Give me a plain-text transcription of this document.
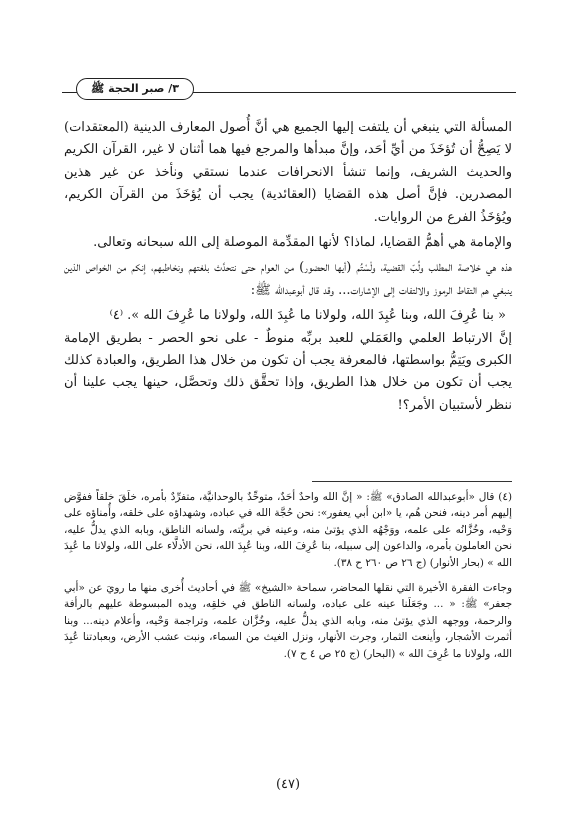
٣/ صبر الحجة ﷺ

المسألة التي ينبغي أن يلتفت إليها الجميع هي أنَّ أُصول المعارف الدينية (المعتقدات) لا يَصِحُّ أن تُؤخَذَ من أيِّ أحَد، وإنَّ مبدأها والمرجع فيها هما أثنان لا غير، القرآن الكريم والحديث الشريف، وإنما تنشأ الانحرافات عندما نستقي ونأخذ عن غير هذين المصدرين. فإنَّ أصل هذه القضايا (العقائدية) يجب أن يُؤخَذَ من القرآن الكريم، ويُؤخَذُ الفرع من الروايات.

والإمامة هي أهمُّ القضايا، لماذا؟ لأنها المقدِّمة الموصلة إلى الله سبحانه وتعالى.

هذه هي خلاصة المطلب ولُبّ القضية، ولْسْتُم (أيها الحضور) من العوام حتى نتحدَّث بلغتهم ونخاطبهم، إنكم من الخواص الذين ينبغي هم التقاط الرموز والالتفات إلى الإشارات... وقد قال أبوعبدالله ﷺ:

« بنا عُرِفَ الله، وبنا عُبِدَ الله، ولولانا ما عُبِدَ الله، ولولانا ما عُرِفَ الله ». ⁽٤⁾

إنَّ الارتباط العلمي والعَمَلي للعبد بربِّه منوطٌ - على نحو الحصر - بطريق الإمامة الكبرى ويَتِمُّ بواسطتها، فالمعرفة يجب أن تكون من خلال هذا الطريق، والعبادة كذلك يجب أن تكون من خلال هذا الطريق، وإذا تحقَّق ذلك وتحصَّل، حينها يجب علينا أن ننظر لأستبيان الأمر؟!

(٤) قال «أبوعبدالله الصادق» ﷺ: « إنَّ الله واحدٌ أحَدٌ، متوحِّدٌ بالوحدانيَّة، متفرِّدٌ بأمره، خلَقَ خلقاً ففوَّض إليهم أمر دينه، فنحن هُم، يا «ابن أبي يعفور»: نحن حُجَّة الله في عباده، وشهداؤه على خلقه، وأُمناؤه على وَحْيه، وخُزَّانُه على علمه، ووَجْهُه الذي يؤتىٰ منه، وعينه في بريَّته، ولسانه الناطق، وبابه الذي يدلُّ عليه، نحن العاملون بأمره، والداعون إلى سبيله، بنا عُرِفَ الله، وبنا عُبِدَ الله، نحن الأدلَّاء على الله، ولولانا ما عُبِدَ الله » (بحار الأنوار) (ج ٢٦ ص ٢٦٠ ح ٣٨).

وجاءت الفقرة الأخيرة التي نقلها المحاضر، سماحة «الشيخ» ﷺ في أحاديث أُخرى منها ما رويَ عن «أبي جعفر» ﷺ: « ... وجَعَلَنا عينه على عباده، ولسانه الناطق في خلقِه، ويده المبسوطة عليهم بالرأفة والرحمة، ووجهه الذي يؤتىٰ منه، وبابه الذي يدلُّ عليه، وخُزَّان علمه، وتراجمة وَحْيه، وأعلام دينه... وبنا أثمرت الأشجار، وأينعت الثمار، وجرت الأنهار، ونزل الغيث من السماء، ونبت عشب الأرض، وبعبادتنا عُبِدَ الله، ولولانا ما عُرِفَ الله » (البحار) (ج ٢٥ ص ٤ ح ٧).

(٤٧)
